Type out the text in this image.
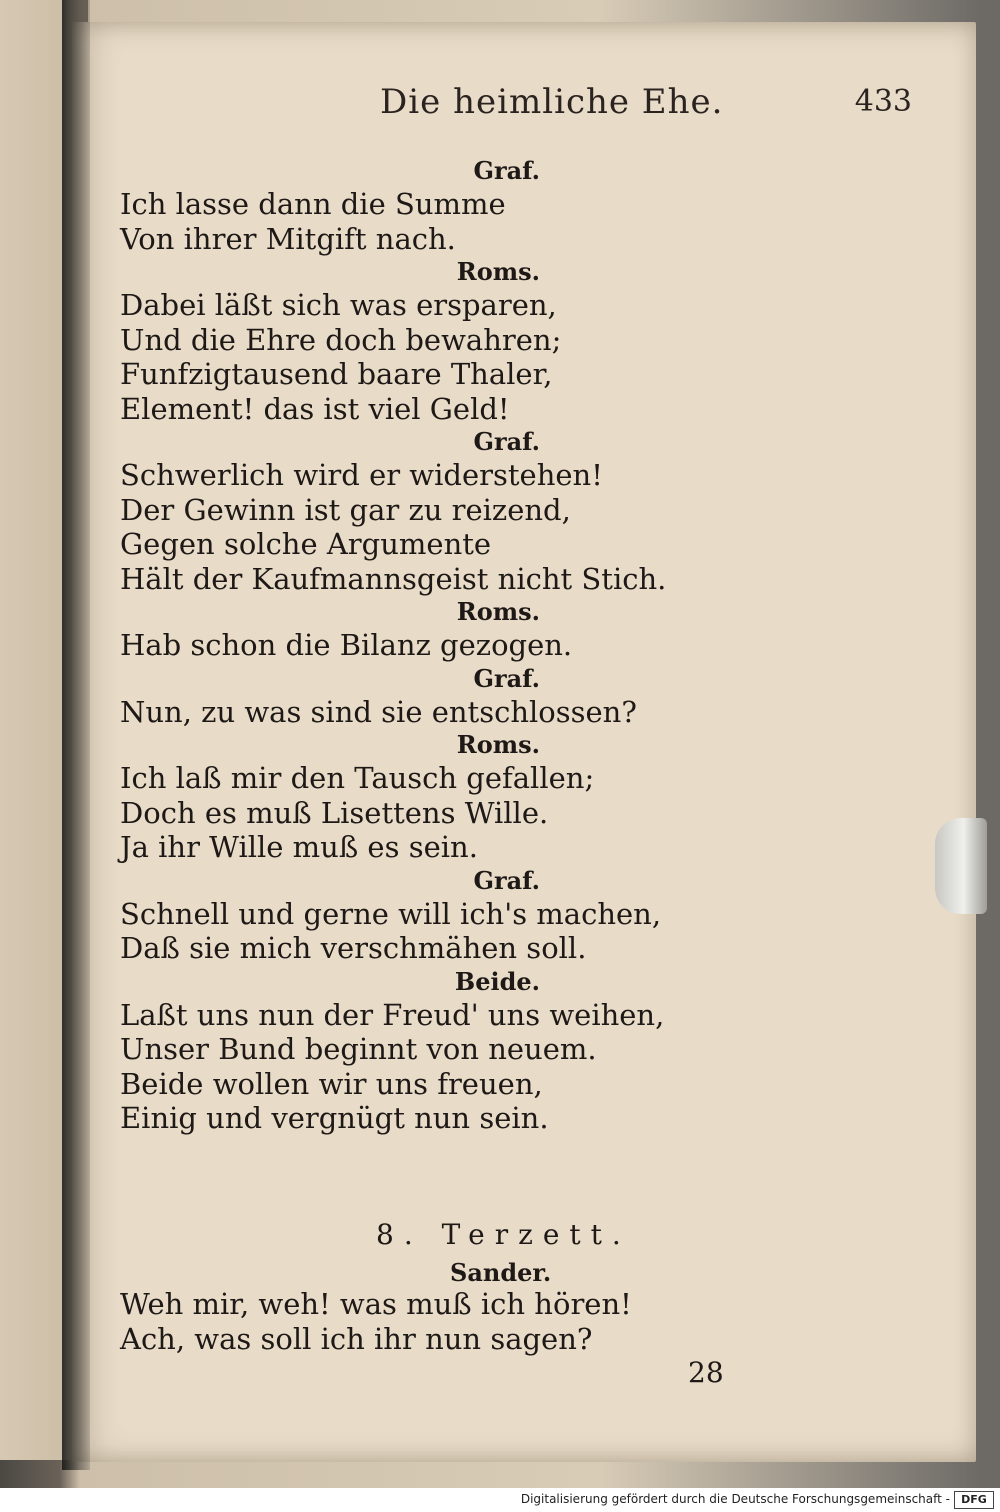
Die heimliche Ehe.	433
Graf.
Ich lasse dann die Summe
Von ihrer Mitgift nach.
Roms.
Dabei läßt sich was ersparen,
Und die Ehre doch bewahren;
Funfzigtausend baare Thaler,
Element! das ist viel Geld!
Graf.
Schwerlich wird er widerstehen!
Der Gewinn ist gar zu reizend,
Gegen solche Argumente
Hält der Kaufmannsgeist nicht Stich.
Roms.
Hab schon die Bilanz gezogen.
Graf.
Nun, zu was sind sie entschlossen?
Roms.
Ich laß mir den Tausch gefallen;
Doch es muß Lisettens Wille.
Ja ihr Wille muß es sein.
Graf.
Schnell und gerne will ich's machen,
Daß sie mich verschmähen soll.
Beide.
Laßt uns nun der Freud' uns weihen,
Unser Bund beginnt von neuem.
Beide wollen wir uns freuen,
Einig und vergnügt nun sein.
8. Terzett.
Sander.
Weh mir, weh! was muß ich hören!
Ach, was soll ich ihr nun sagen?
28
Digitalisierung gefördert durch die Deutsche Forschungsgemeinschaft -	DFG
